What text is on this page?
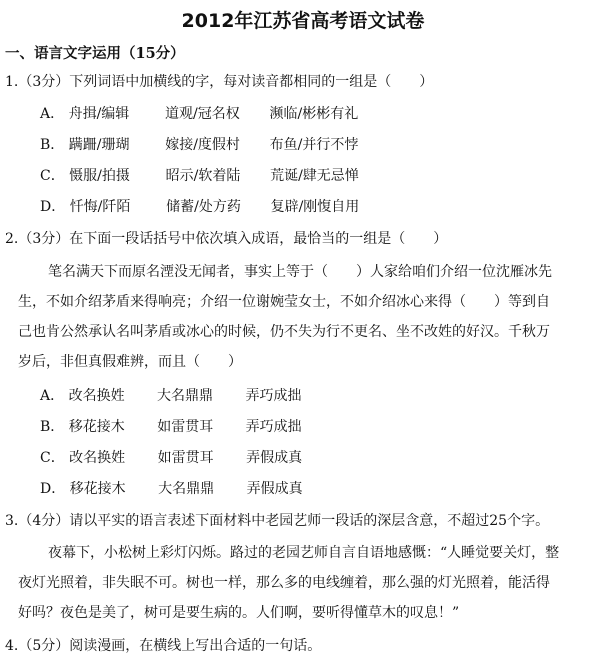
2012年江苏省高考语文试卷
一、语言文字运用（15分）
1.（3分）下列词语中加横线的字，每对读音都相同的一组是（　　）
A． 舟揖/编辑	道观/冠名权 濒临/彬彬有礼
B． 蹒跚/珊瑚	嫁接/度假村 布鱼/并行不悖
C． 慑服/拍摄	昭示/软着陆 荒诞/肆无忌惮
D． 忏悔/阡陌	储蓄/处方药 复辟/刚愎自用
2.（3分）在下面一段话括号中依次填入成语，最恰当的一组是（　　）
笔名满天下而原名湮没无闻者，事实上等于（　　）人家给咱们介绍一位沈雁冰先
生，不如介绍茅盾来得响亮；介绍一位谢婉莹女士，不如介绍冰心来得（　　）等到自
己也肯公然承认名叫茅盾或冰心的时候，仍不失为行不更名、坐不改姓的好汉。千秋万
岁后，非但真假难辨，而且（　　）
A． 改名换姓 大名鼎鼎 弄巧成拙
B． 移花接木 如雷贯耳 弄巧成拙
C． 改名换姓 如雷贯耳 弄假成真
D． 移花接木 大名鼎鼎 弄假成真
3.（4分）请以平实的语言表述下面材料中老园艺师一段话的深层含意，不超过25个字。
夜幕下，小松树上彩灯闪烁。路过的老园艺师自言自语地感慨：“人睡觉要关灯，整
夜灯光照着，非失眠不可。树也一样，那么多的电线缠着，那么强的灯光照着，能活得
好吗？夜色是美了，树可是要生病的。人们啊，要听得懂草木的叹息！”
4.（5分）阅读漫画，在横线上写出合适的一句话。
